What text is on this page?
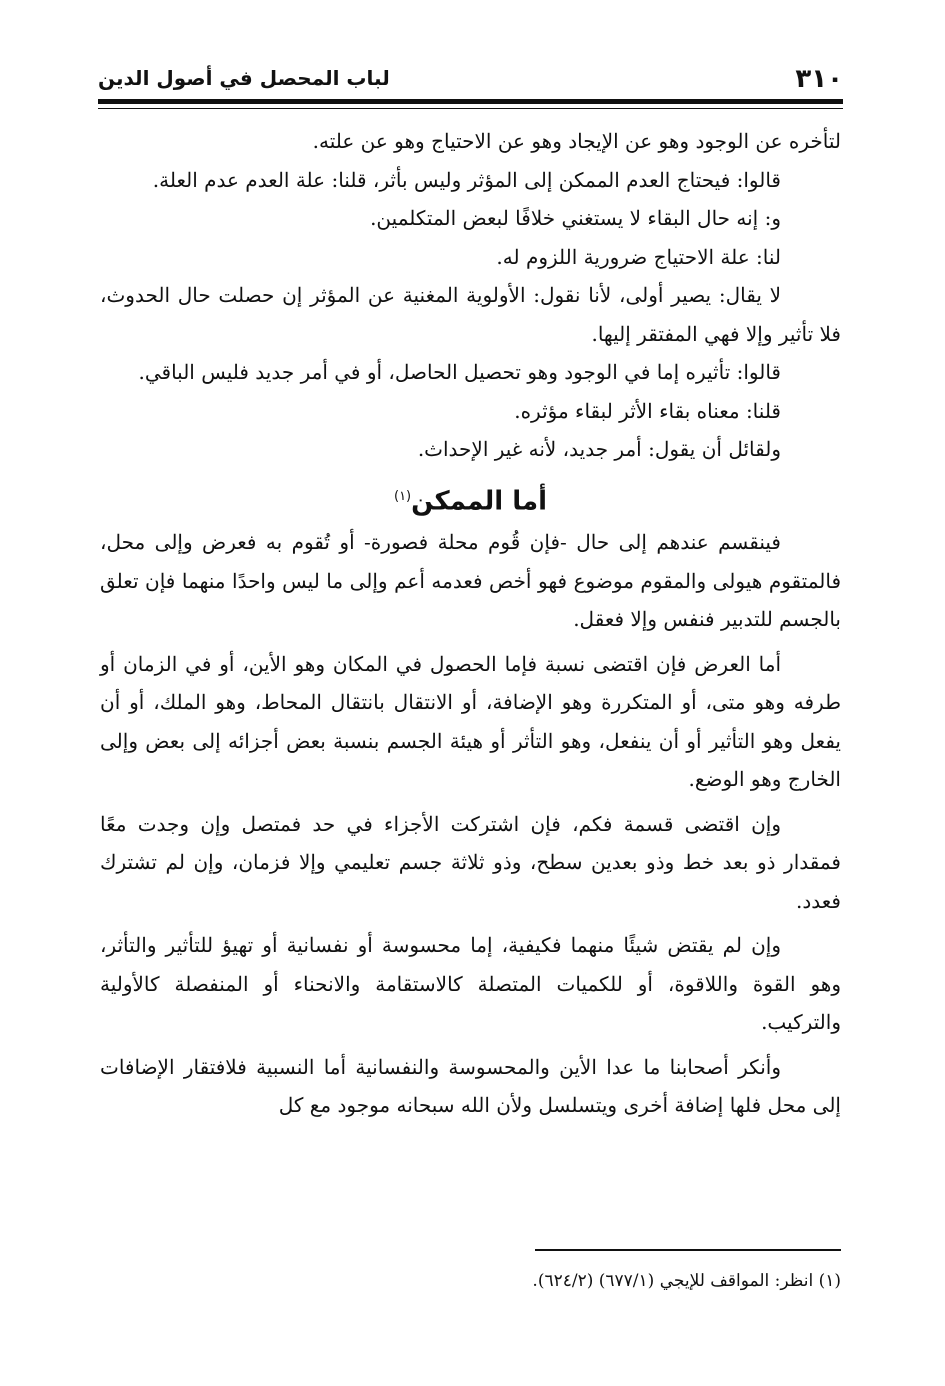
٣١٠
لباب المحصل في أصول الدين

لتأخره عن الوجود وهو عن الإيجاد وهو عن الاحتياج وهو عن علته.

قالوا: فيحتاج العدم الممكن إلى المؤثر وليس بأثر، قلنا: علة العدم عدم العلة.

و: إنه حال البقاء لا يستغني خلافًا لبعض المتكلمين.

لنا: علة الاحتياج ضرورية اللزوم له.

لا يقال: يصير أولى، لأنا نقول: الأولوية المغنية عن المؤثر إن حصلت حال الحدوث، فلا تأثير وإلا فهي المفتقر إليها.

قالوا: تأثيره إما في الوجود وهو تحصيل الحاصل، أو في أمر جديد فليس الباقي.

قلنا: معناه بقاء الأثر لبقاء مؤثره.

ولقائل أن يقول: أمر جديد، لأنه غير الإحداث.

أما الممكن$^{(١)}$

فينقسم عندهم إلى حال -فإن قُوم محلة فصورة- أو تُقوم به فعرض وإلى محل، فالمتقوم هيولى والمقوم موضوع فهو أخص فعدمه أعم وإلى ما ليس واحدًا منهما فإن تعلق بالجسم للتدبير فنفس وإلا فعقل.

أما العرض فإن اقتضى نسبة فإما الحصول في المكان وهو الأين، أو في الزمان أو طرفه وهو متى، أو المتكررة وهو الإضافة، أو الانتقال بانتقال المحاط، وهو الملك، أو أن يفعل وهو التأثير أو أن ينفعل، وهو التأثر أو هيئة الجسم بنسبة بعض أجزائه إلى بعض وإلى الخارج وهو الوضع.

وإن اقتضى قسمة فكم، فإن اشتركت الأجزاء في حد فمتصل وإن وجدت معًا فمقدار ذو بعد خط وذو بعدين سطح، وذو ثلاثة جسم تعليمي وإلا فزمان، وإن لم تشترك فعدد.

وإن لم يقتض شيئًا منهما فكيفية، إما محسوسة أو نفسانية أو تهيؤ للتأثير والتأثر، وهو القوة واللاقوة، أو للكميات المتصلة كالاستقامة والانحناء أو المنفصلة كالأولية والتركيب.

وأنكر أصحابنا ما عدا الأين والمحسوسة والنفسانية أما النسبية فلافتقار الإضافات إلى محل فلها إضافة أخرى ويتسلسل ولأن الله سبحانه موجود مع كل

(١) انظر: المواقف للإيجي (٦٧٧/١) (٦٢٤/٢).
